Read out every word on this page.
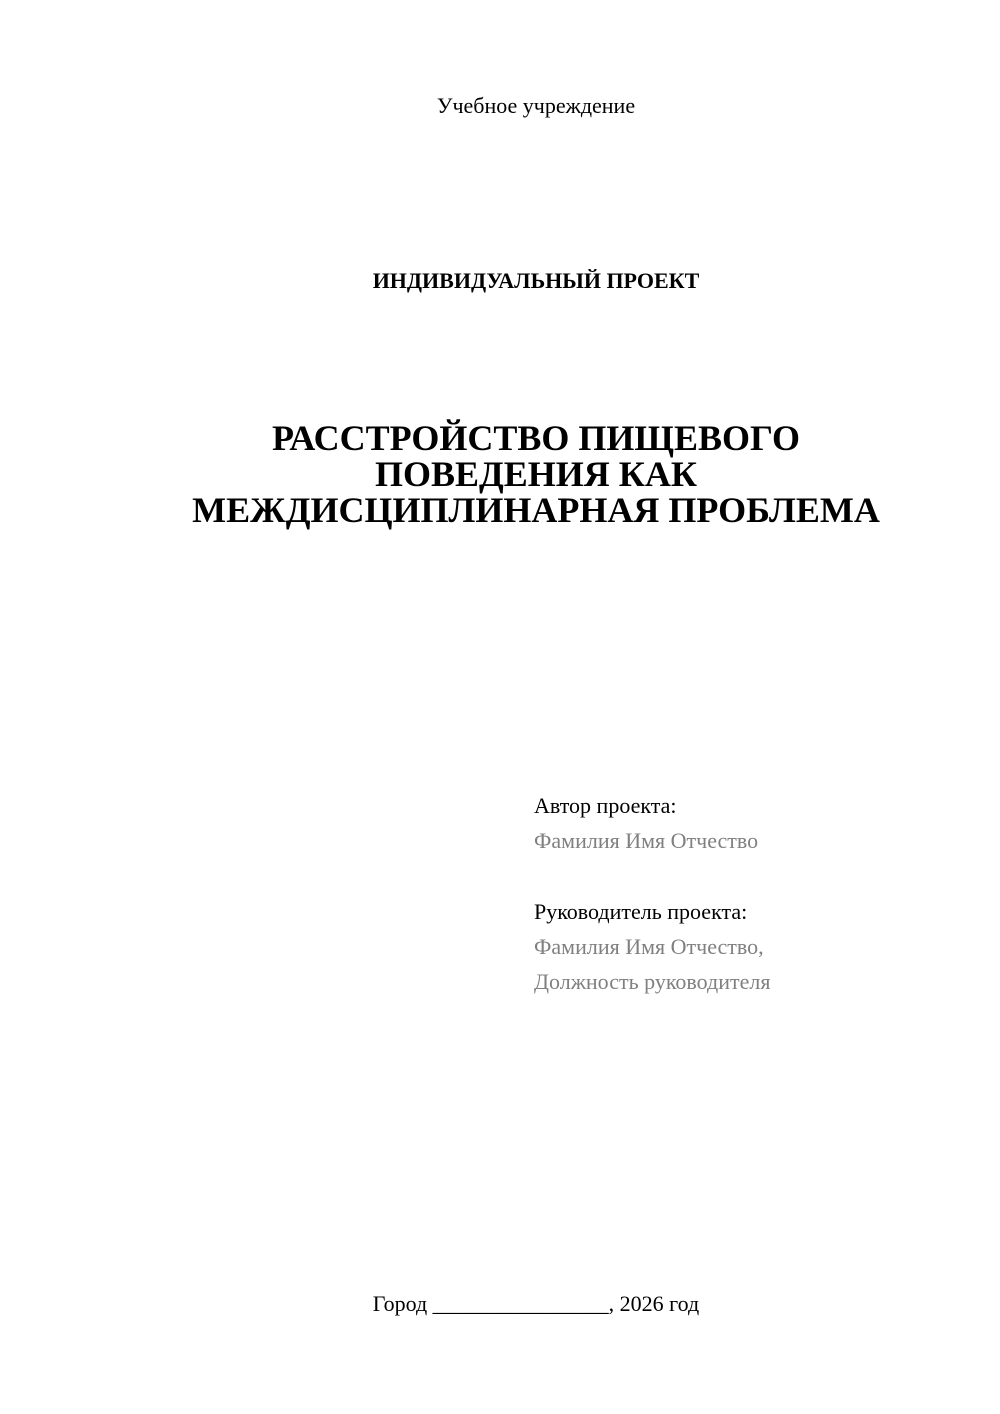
Учебное учреждение
ИНДИВИДУАЛЬНЫЙ ПРОЕКТ
РАССТРОЙСТВО ПИЩЕВОГО
ПОВЕДЕНИЯ КАК
МЕЖДИСЦИПЛИНАРНАЯ ПРОБЛЕМА
Автор проекта:
Фамилия Имя Отчество
Руководитель проекта:
Фамилия Имя Отчество,
Должность руководителя
Город ________________, 2026 год
